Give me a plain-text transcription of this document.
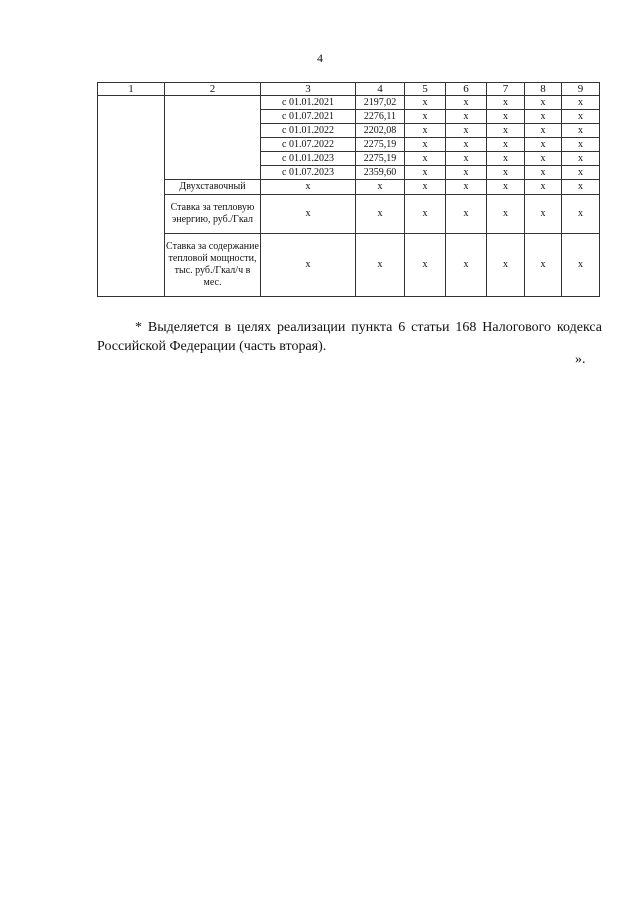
4
1	2	3	4	5	6	7	8	9
		с 01.01.2021	2197,02	x	x	x	x	x
		с 01.07.2021	2276,11	x	x	x	x	x
		с 01.01.2022	2202,08	x	x	x	x	x
		с 01.07.2022	2275,19	x	x	x	x	x
		с 01.01.2023	2275,19	x	x	x	x	x
		с 01.07.2023	2359,60	x	x	x	x	x
	Двухставочный	x	x	x	x	x	x	x
	Ставка за тепловую энергию, руб./Гкал	x	x	x	x	x	x	x
	Ставка за содержание тепловой мощности, тыс. руб./Гкал/ч в мес.	x	x	x	x	x	x	x
* Выделяется в целях реализации пункта 6 статьи 168 Налогового кодекса Российской Федерации (часть вторая).
».
